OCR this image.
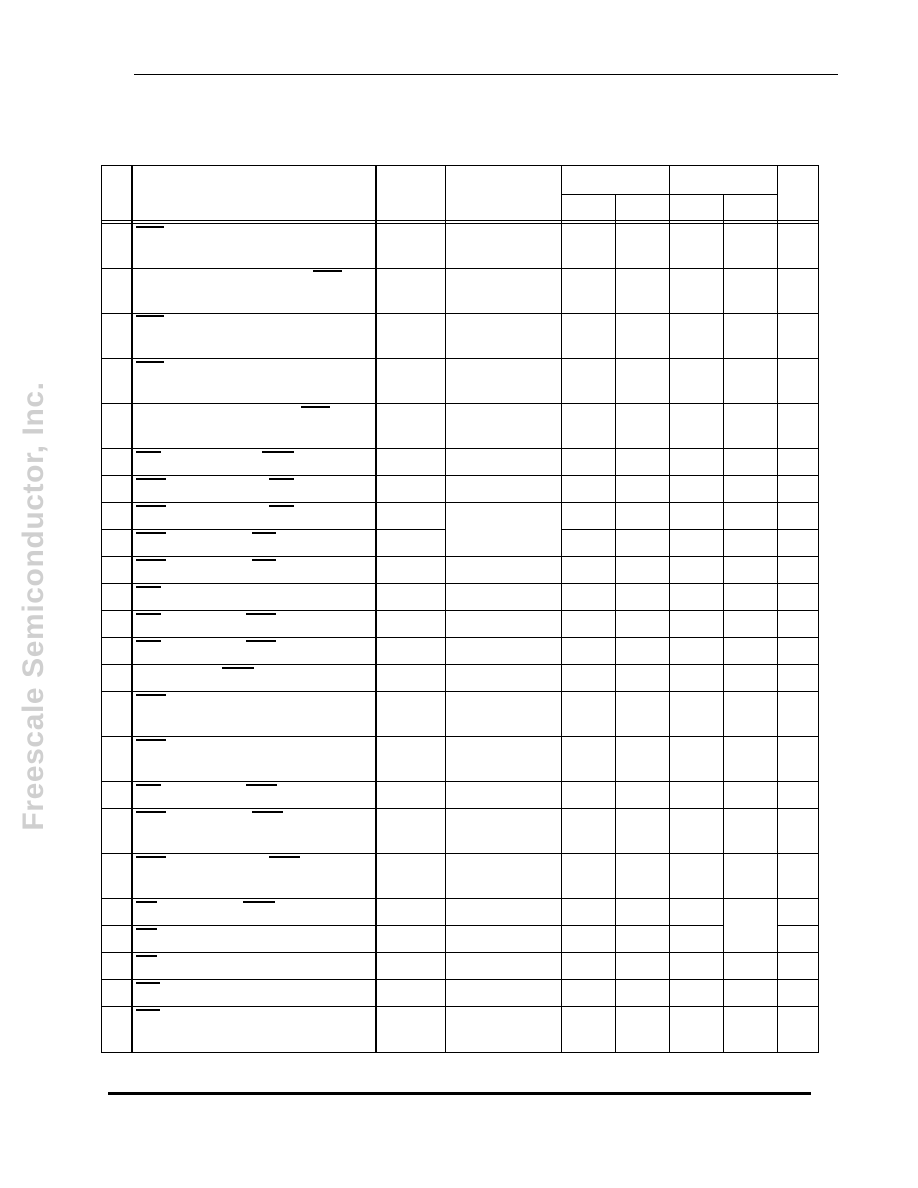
Freescale Semiconductor, Inc.
